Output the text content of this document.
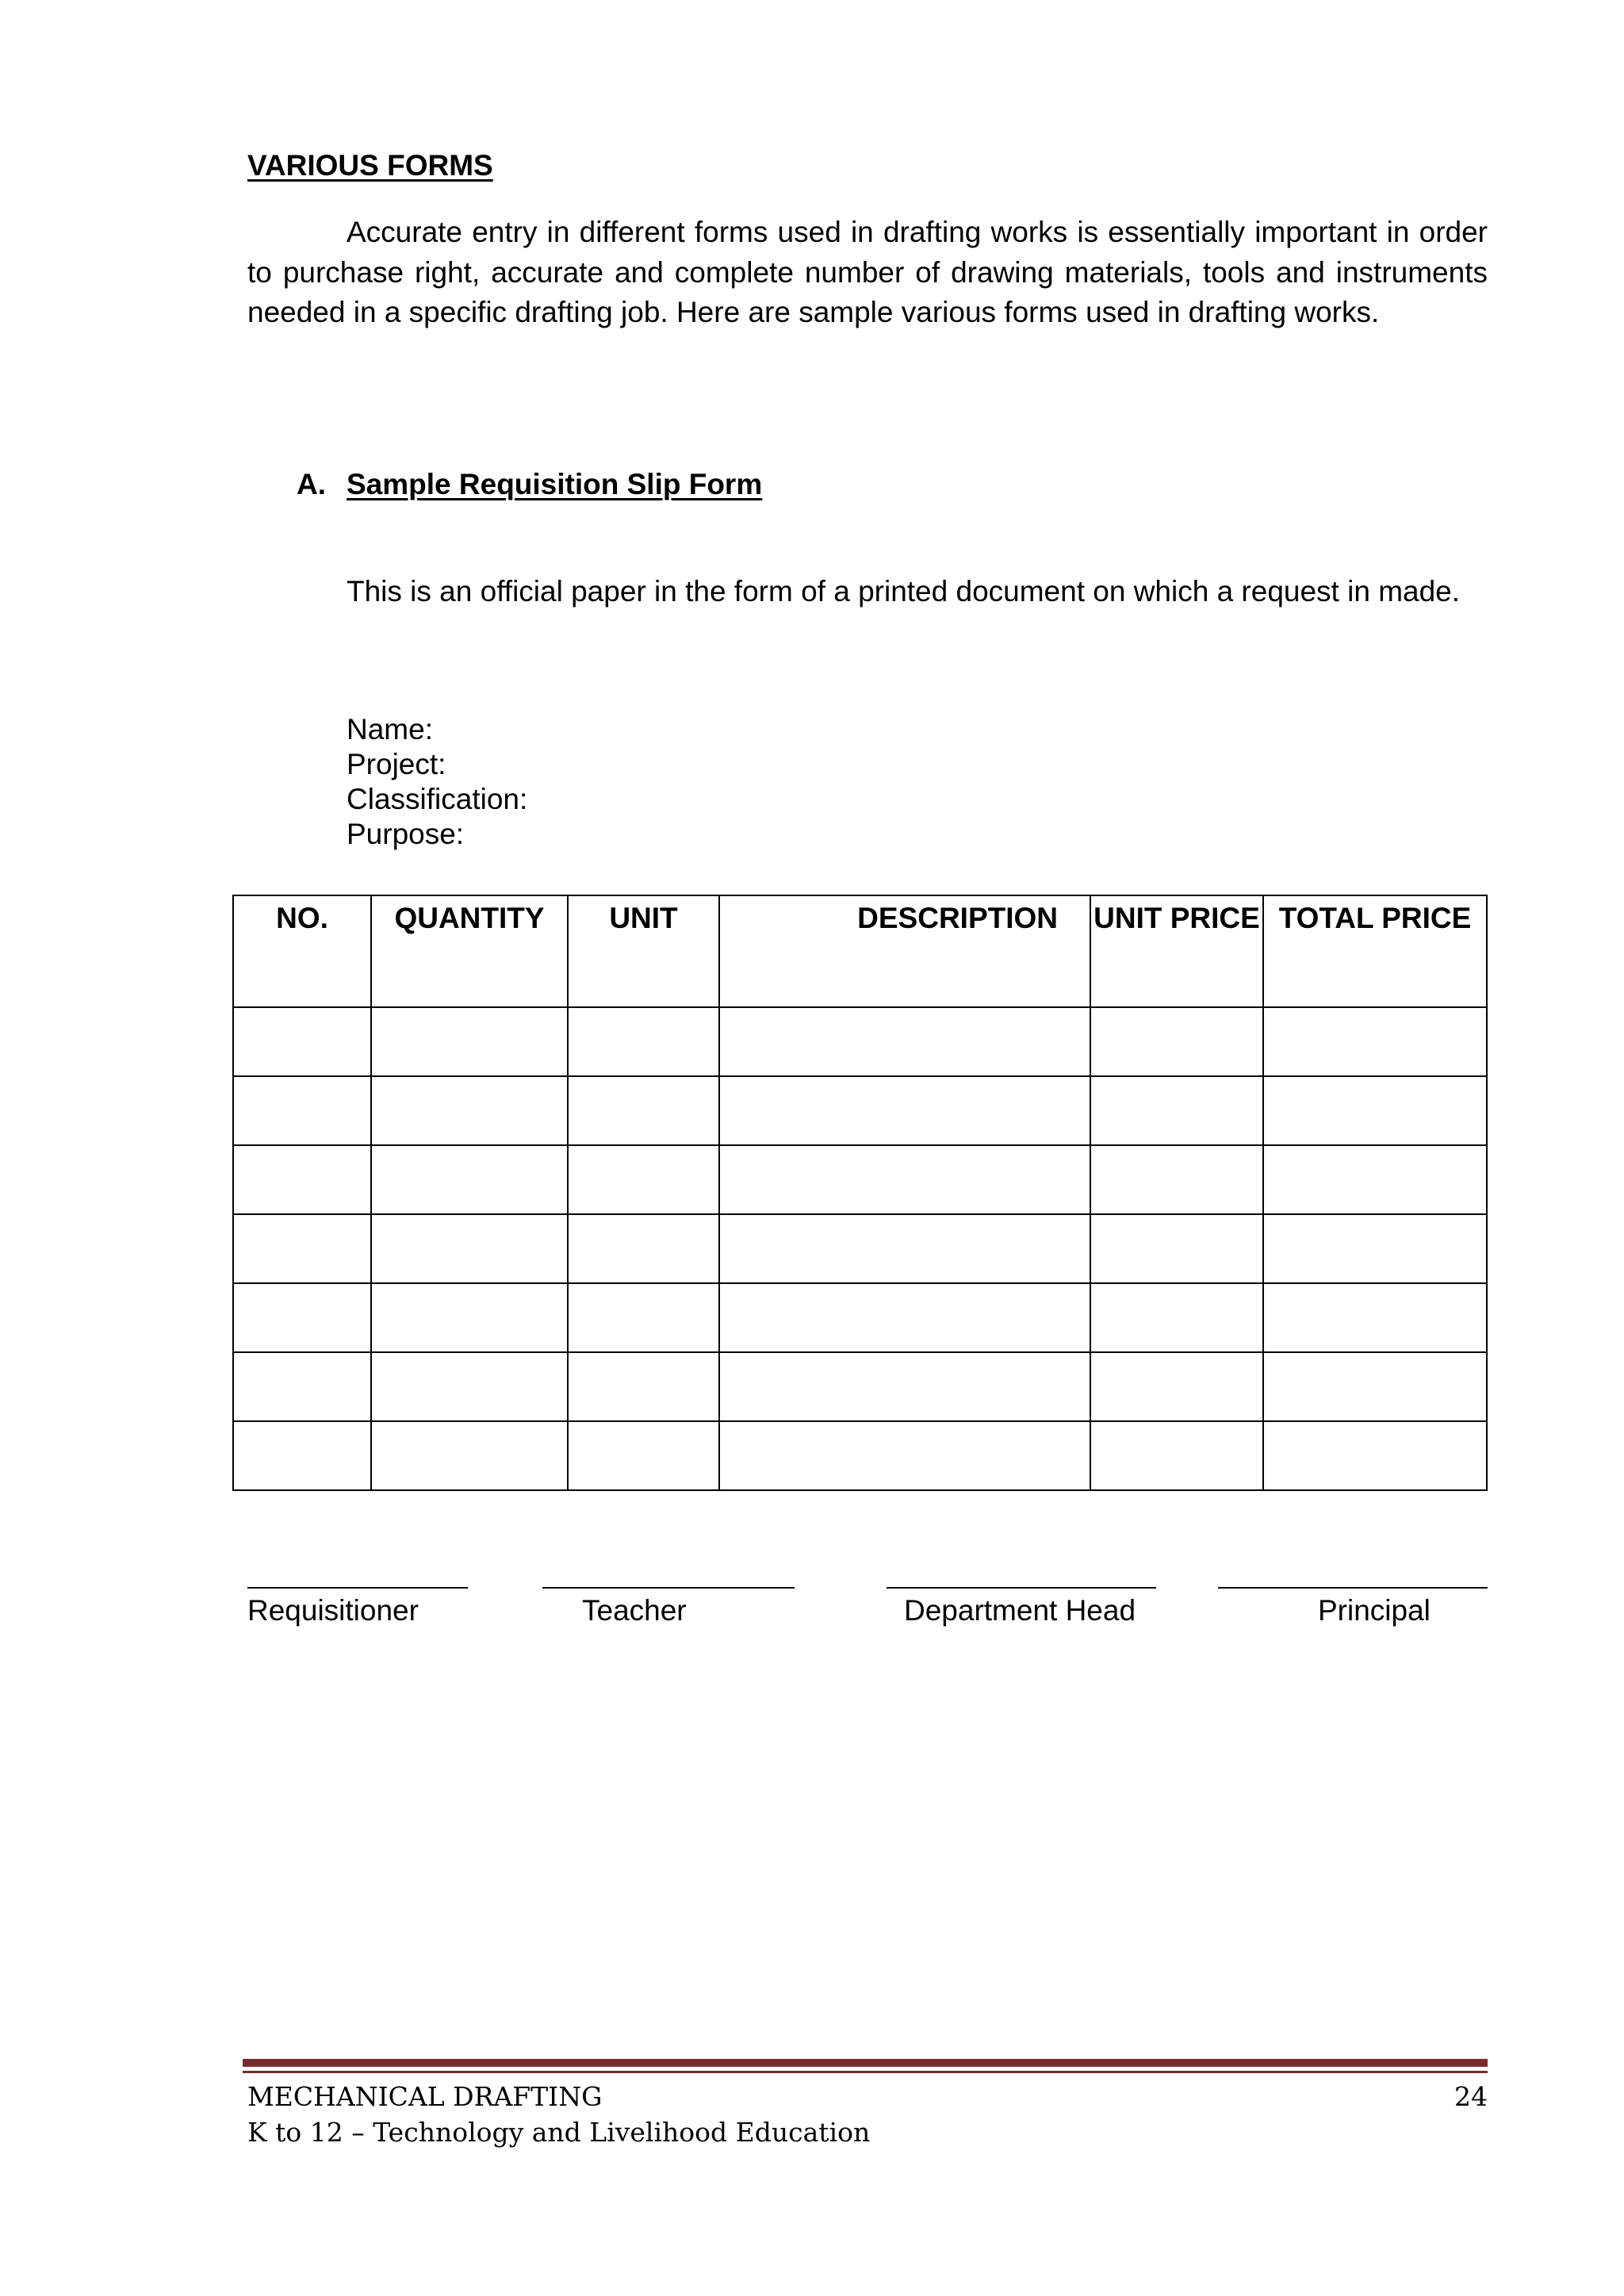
VARIOUS FORMS

Accurate entry in different forms used in drafting works is essentially important in order to purchase right, accurate and complete number of drawing materials, tools and instruments needed in a specific drafting job. Here are sample various forms used in drafting works.

A. Sample Requisition Slip Form

This is an official paper in the form of a printed document on which a request in made.

Name:
Project:
Classification:
Purpose:
NO.	QUANTITY	UNIT	DESCRIPTION	UNIT PRICE	TOTAL PRICE

Requisitioner	Teacher	Department Head	Principal
MECHANICAL DRAFTING
K to 12 – Technology and Livelihood Education
24
